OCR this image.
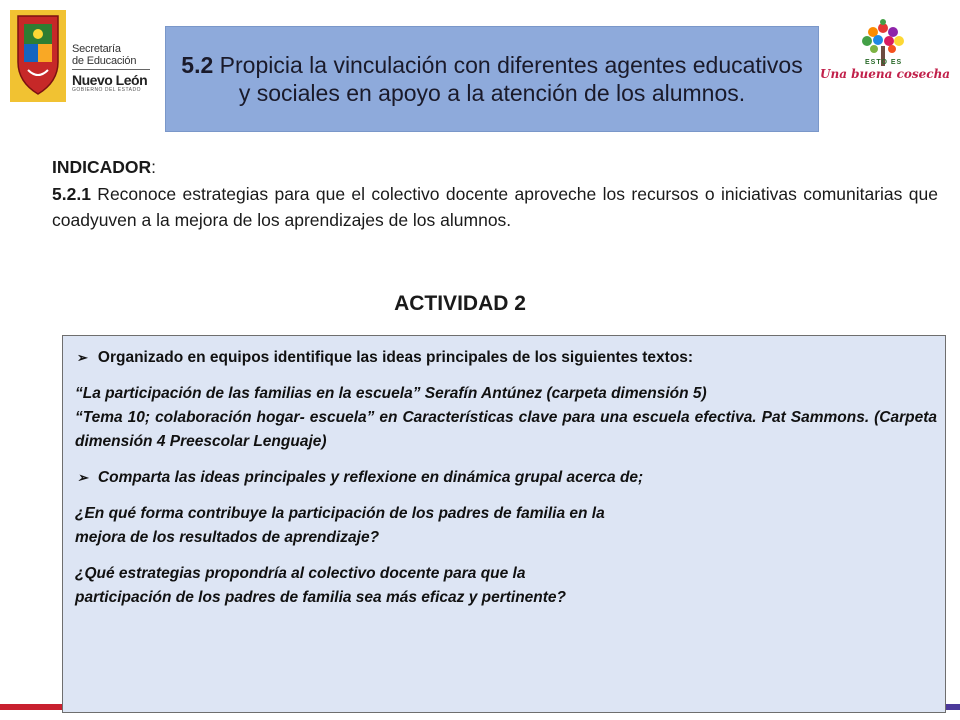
Secretaría
de Educación
Nuevo León
GOBIERNO DEL ESTADO
5.2 Propicia la vinculación con diferentes agentes educativos y sociales en apoyo a la atención de los alumnos.
ESTO ES
Una buena cosecha
INDICADOR:
5.2.1 Reconoce estrategias para que el colectivo docente aproveche los recursos o iniciativas comunitarias que coadyuven a la mejora de los aprendizajes de los alumnos.
ACTIVIDAD 2
➢ Organizado en equipos identifique las ideas principales de los siguientes textos:

“La participación de las familias en la escuela” Serafín Antúnez (carpeta dimensión 5)

“Tema 10; colaboración hogar- escuela” en Características clave para una escuela efectiva. Pat Sammons. (Carpeta dimensión 4 Preescolar Lenguaje)

➢ Comparta las ideas principales y reflexione en dinámica grupal acerca de;

¿En qué forma contribuye la participación de los padres de familia en la

mejora de los resultados de aprendizaje?

¿Qué estrategias propondría al colectivo docente para que la

participación de los padres de familia sea más eficaz y pertinente?
